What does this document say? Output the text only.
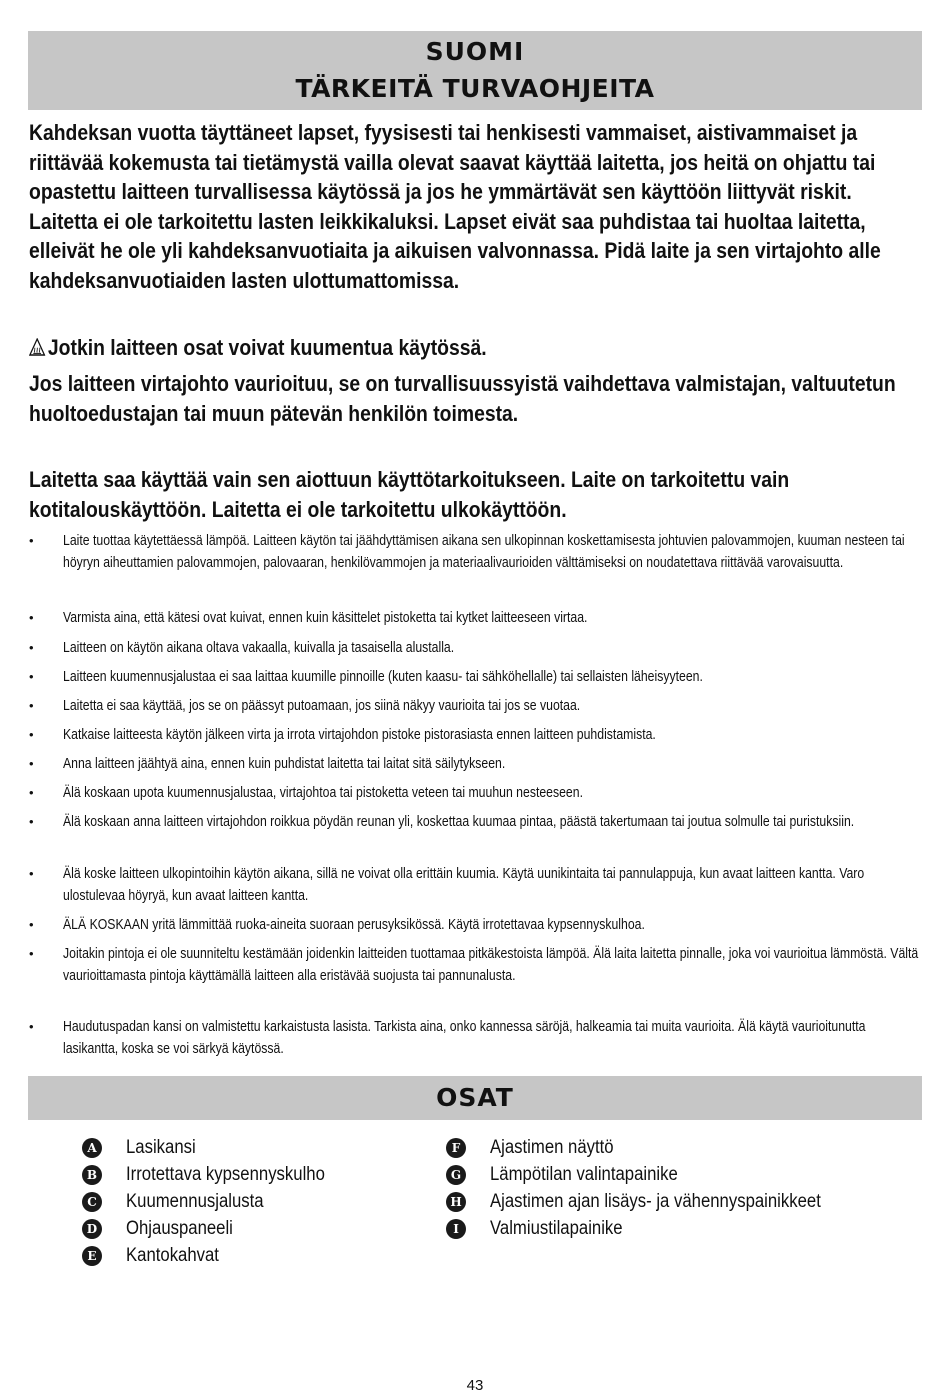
SUOMI
TÄRKEITÄ TURVAOHJEITA
Kahdeksan vuotta täyttäneet lapset, fyysisesti tai henkisesti vammaiset, aistivammaiset ja riittävää kokemusta tai tietämystä vailla olevat saavat käyttää laitetta, jos heitä on ohjattu tai opastettu laitteen turvallisessa käytössä ja jos he ymmärtävät sen käyttöön liittyvät riskit. Laitetta ei ole tarkoitettu lasten leikkikaluksi. Lapset eivät saa puhdistaa tai huoltaa laitetta, elleivät he ole yli kahdeksanvuotiaita ja aikuisen valvonnassa. Pidä laite ja sen virtajohto alle kahdeksanvuotiaiden lasten ulottumattomissa.
Jotkin laitteen osat voivat kuumentua käytössä.
Jos laitteen virtajohto vaurioituu, se on turvallisuussyistä vaihdettava valmistajan, valtuutetun huoltoedustajan tai muun pätevän henkilön toimesta.
Laitetta saa käyttää vain sen aiottuun käyttötarkoitukseen. Laite on tarkoitettu vain kotitalouskäyttöön. Laitetta ei ole tarkoitettu ulkokäyttöön.
• Laite tuottaa käytettäessä lämpöä. Laitteen käytön tai jäähdyttämisen aikana sen ulkopinnan koskettamisesta johtuvien palovammojen, kuuman nesteen tai höyryn aiheuttamien palovammojen, palovaaran, henkilövammojen ja materiaalivaurioiden välttämiseksi on noudatettava riittävää varovaisuutta.
• Varmista aina, että kätesi ovat kuivat, ennen kuin käsittelet pistoketta tai kytket laitteeseen virtaa.
• Laitteen on käytön aikana oltava vakaalla, kuivalla ja tasaisella alustalla.
• Laitteen kuumennusjalustaa ei saa laittaa kuumille pinnoille (kuten kaasu- tai sähköhellalle) tai sellaisten läheisyyteen.
• Laitetta ei saa käyttää, jos se on päässyt putoamaan, jos siinä näkyy vaurioita tai jos se vuotaa.
• Katkaise laitteesta käytön jälkeen virta ja irrota virtajohdon pistoke pistorasiasta ennen laitteen puhdistamista.
• Anna laitteen jäähtyä aina, ennen kuin puhdistat laitetta tai laitat sitä säilytykseen.
• Älä koskaan upota kuumennusjalustaa, virtajohtoa tai pistoketta veteen tai muuhun nesteeseen.
• Älä koskaan anna laitteen virtajohdon roikkua pöydän reunan yli, koskettaa kuumaa pintaa, päästä takertumaan tai joutua solmulle tai puristuksiin.
• Älä koske laitteen ulkopintoihin käytön aikana, sillä ne voivat olla erittäin kuumia. Käytä uunikintaita tai pannulappuja, kun avaat laitteen kantta. Varo ulostulevaa höyryä, kun avaat laitteen kantta.
• ÄLÄ KOSKAAN yritä lämmittää ruoka-aineita suoraan perusyksikössä. Käytä irrotettavaa kypsennyskulhoa.
• Joitakin pintoja ei ole suunniteltu kestämään joidenkin laitteiden tuottamaa pitkäkestoista lämpöä. Älä laita laitetta pinnalle, joka voi vaurioitua lämmöstä. Vältä vaurioittamasta pintoja käyttämällä laitteen alla eristävää suojusta tai pannunalusta.
• Haudutuspadan kansi on valmistettu karkaistusta lasista. Tarkista aina, onko kannessa säröjä, halkeamia tai muita vaurioita. Älä käytä vaurioitunutta lasikantta, koska se voi särkyä käytössä.
OSAT
A Lasikansi
B Irrotettava kypsennyskulho
C Kuumennusjalusta
D Ohjauspaneeli
E Kantokahvat
F	Ajastimen näyttö
G Lämpötilan valintapainike
H Ajastimen ajan lisäys- ja vähennyspainikkeet
I	Valmiustilapainike
43
